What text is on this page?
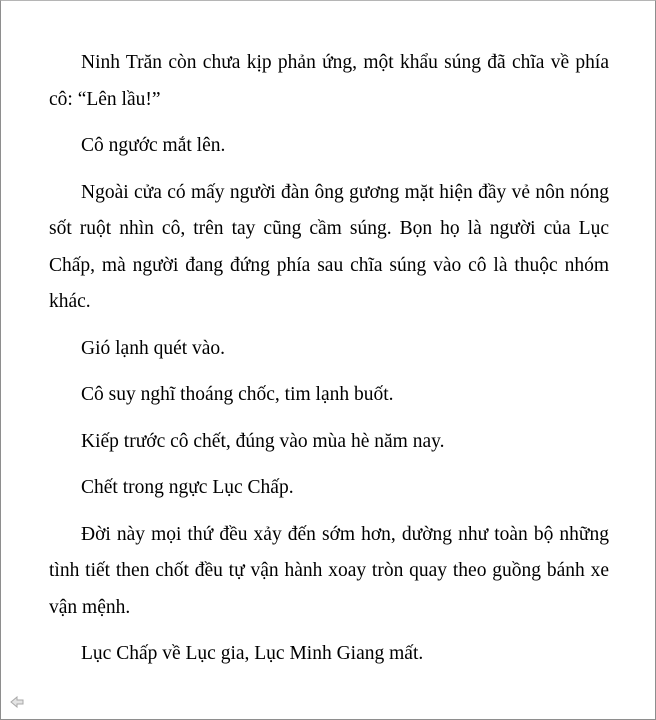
Ninh Trăn còn chưa kịp phản ứng, một khẩu súng đã chĩa về phía cô: “Lên lầu!”

Cô ngước mắt lên.

Ngoài cửa có mấy người đàn ông gương mặt hiện đầy vẻ nôn nóng sốt ruột nhìn cô, trên tay cũng cầm súng. Bọn họ là người của Lục Chấp, mà người đang đứng phía sau chĩa súng vào cô là thuộc nhóm khác.

Gió lạnh quét vào.

Cô suy nghĩ thoáng chốc, tim lạnh buốt.

Kiếp trước cô chết, đúng vào mùa hè năm nay.

Chết trong ngực Lục Chấp.

Đời này mọi thứ đều xảy đến sớm hơn, dường như toàn bộ những tình tiết then chốt đều tự vận hành xoay tròn quay theo guồng bánh xe vận mệnh.

Lục Chấp về Lục gia, Lục Minh Giang mất.
